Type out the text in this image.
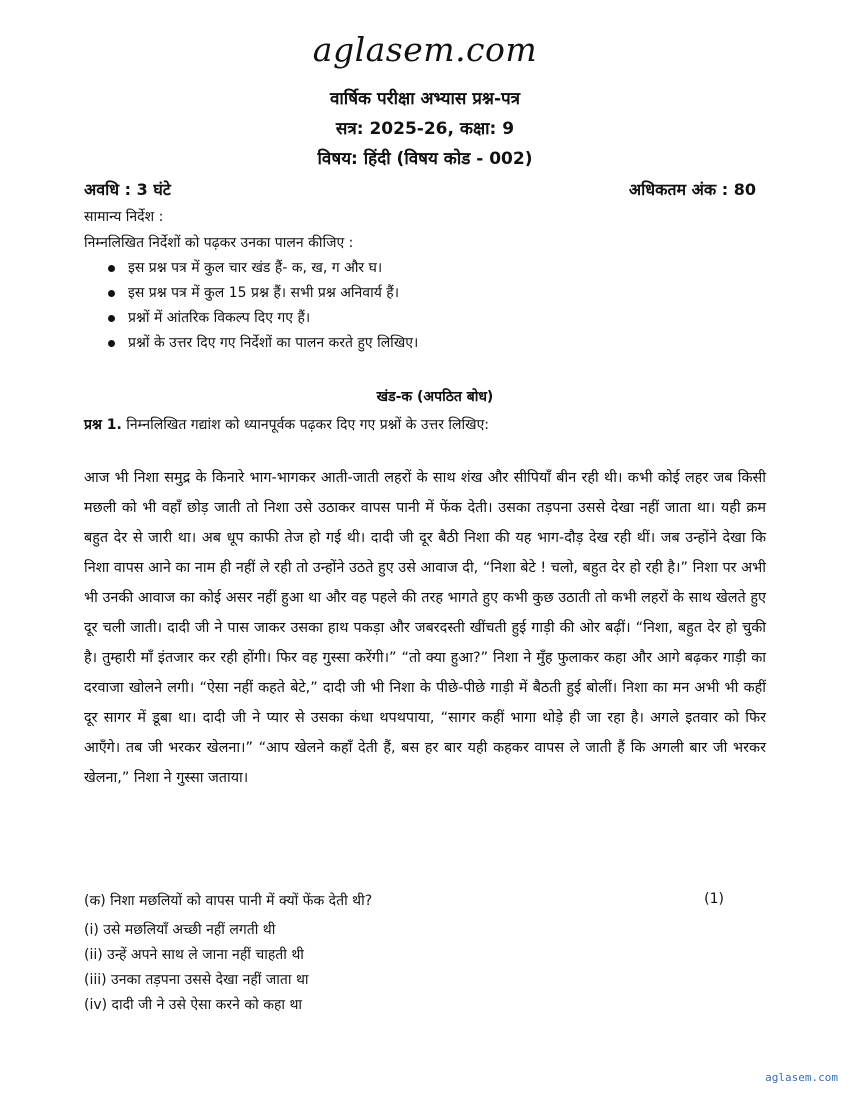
aglasem.com
वार्षिक परीक्षा अभ्यास प्रश्न-पत्र
सत्र: 2025-26, कक्षा: 9
विषय: हिंदी (विषय कोड - 002)
अवधि : 3 घंटे	अधिकतम अंक : 80
सामान्य निर्देश :
निम्नलिखित निर्देशों को पढ़कर उनका पालन कीजिए :
इस प्रश्न पत्र में कुल चार खंड हैं- क, ख, ग और घ।
इस प्रश्न पत्र में कुल 15 प्रश्न हैं। सभी प्रश्न अनिवार्य हैं।
प्रश्नों में आंतरिक विकल्प दिए गए हैं।
प्रश्नों के उत्तर दिए गए निर्देशों का पालन करते हुए लिखिए।
खंड-क (अपठित बोध)
प्रश्न 1. निम्नलिखित गद्यांश को ध्यानपूर्वक पढ़कर दिए गए प्रश्नों के उत्तर लिखिए:

आज भी निशा समुद्र के किनारे भाग-भागकर आती-जाती लहरों के साथ शंख और सीपियाँ बीन रही थी। कभी कोई लहर जब किसी मछली को भी वहाँ छोड़ जाती तो निशा उसे उठाकर वापस पानी में फेंक देती। उसका तड़पना उससे देखा नहीं जाता था। यही क्रम बहुत देर से जारी था। अब धूप काफी तेज हो गई थी। दादी जी दूर बैठी निशा की यह भाग-दौड़ देख रही थीं। जब उन्होंने देखा कि निशा वापस आने का नाम ही नहीं ले रही तो उन्होंने उठते हुए उसे आवाज दी, “निशा बेटे ! चलो, बहुत देर हो रही है।” निशा पर अभी भी उनकी आवाज का कोई असर नहीं हुआ था और वह पहले की तरह भागते हुए कभी कुछ उठाती तो कभी लहरों के साथ खेलते हुए दूर चली जाती। दादी जी ने पास जाकर उसका हाथ पकड़ा और जबरदस्ती खींचती हुई गाड़ी की ओर बढ़ीं। “निशा, बहुत देर हो चुकी है। तुम्हारी माँ इंतजार कर रही होंगी। फिर वह गुस्सा करेंगी।” “तो क्या हुआ?” निशा ने मुँह फुलाकर कहा और आगे बढ़कर गाड़ी का दरवाजा खोलने लगी। “ऐसा नहीं कहते बेटे,” दादी जी भी निशा के पीछे-पीछे गाड़ी में बैठती हुई बोलीं। निशा का मन अभी भी कहीं दूर सागर में डूबा था। दादी जी ने प्यार से उसका कंधा थपथपाया, “सागर कहीं भागा थोड़े ही जा रहा है। अगले इतवार को फिर आएँगे। तब जी भरकर खेलना।” “आप खेलने कहाँ देती हैं, बस हर बार यही कहकर वापस ले जाती हैं कि अगली बार जी भरकर खेलना,” निशा ने गुस्सा जताया।

(क) निशा मछलियों को वापस पानी में क्यों फेंक देती थी?	(1)
(i) उसे मछलियाँ अच्छी नहीं लगती थी
(ii) उन्हें अपने साथ ले जाना नहीं चाहती थी
(iii) उनका तड़पना उससे देखा नहीं जाता था
(iv) दादी जी ने उसे ऐसा करने को कहा था
aglasem.com
